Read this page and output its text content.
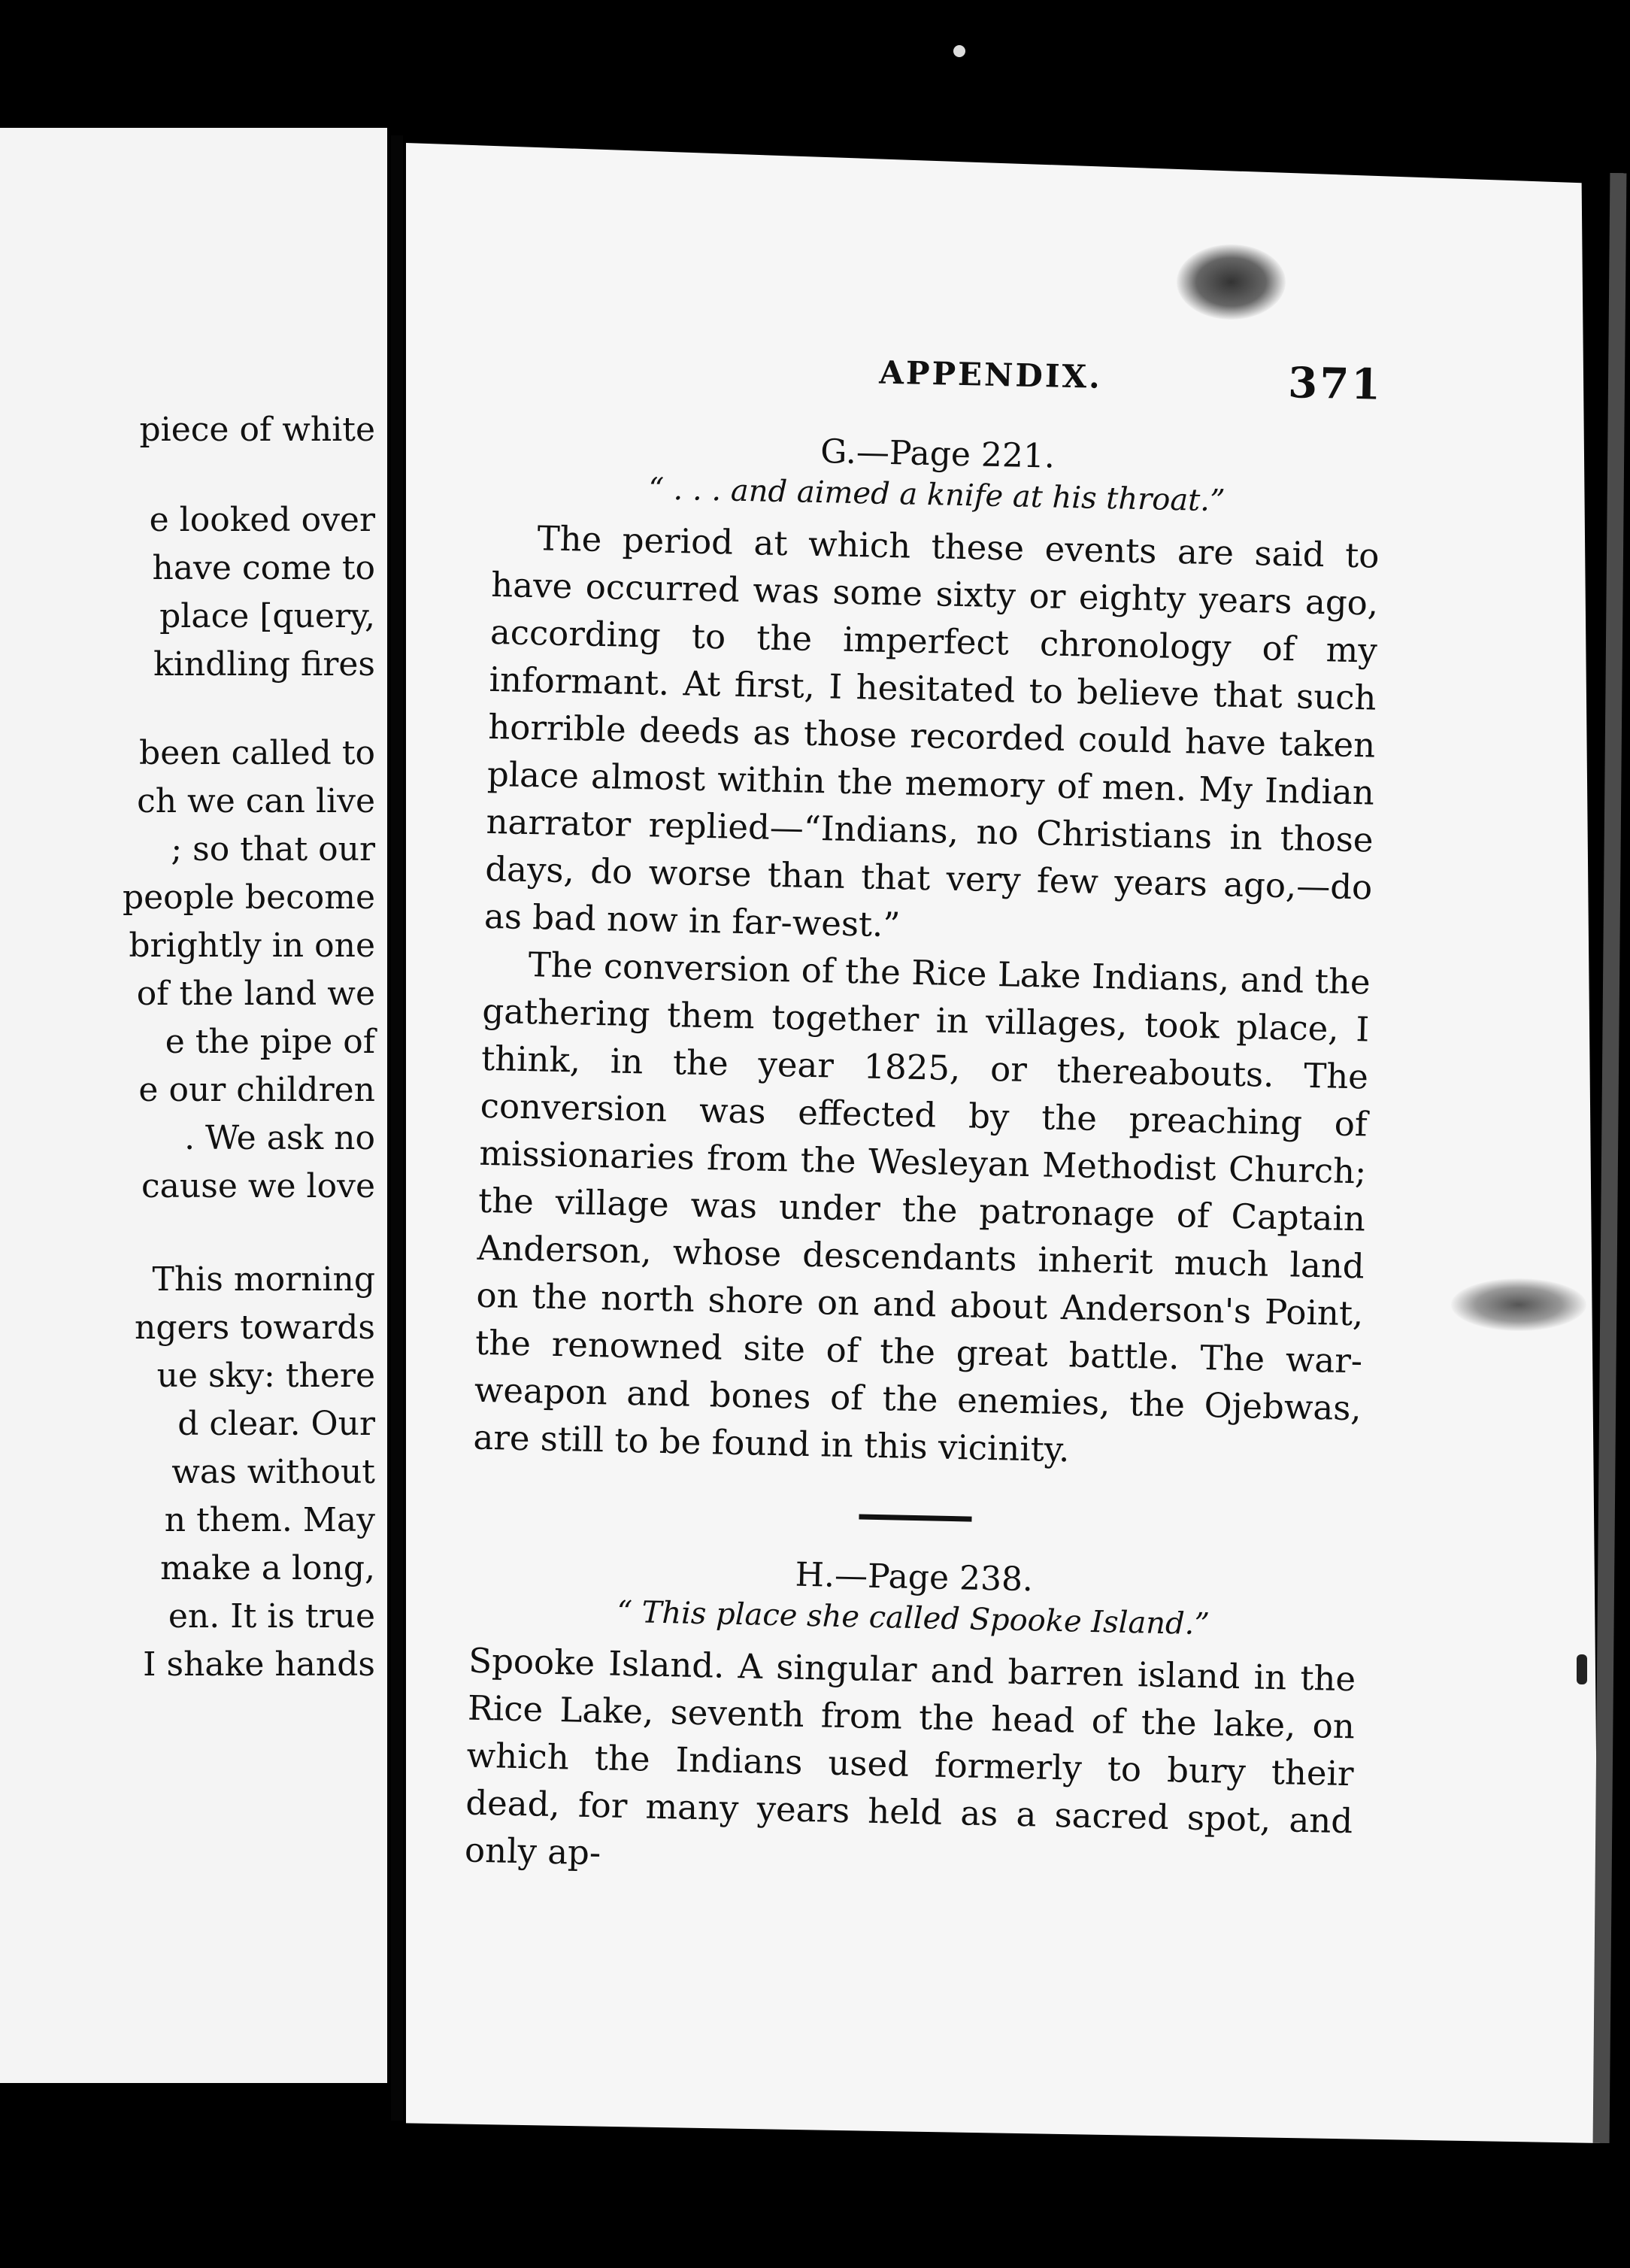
piece of white
e looked over
have come to
place [query,
kindling fires
been called to
ch we can live
; so that our
people become
brightly in one
of the land we
e the pipe of
e our children
. We ask no
cause we love
This morning
ngers towards
ue sky: there
d clear. Our
was without
n them. May
make a long,
en. It is true
I shake hands
APPENDIX.	371
G.—Page 221.
“ . . . and aimed a knife at his throat.”

The period at which these events are said to have occurred was some sixty or eighty years ago, according to the imperfect chronology of my informant. At first, I hesitated to believe that such horrible deeds as those recorded could have taken place almost within the memory of men. My Indian narrator replied—“Indians, no Christians in those days, do worse than that very few years ago,—do as bad now in far-west.”

The conversion of the Rice Lake Indians, and the gathering them together in villages, took place, I think, in the year 1825, or thereabouts. The conversion was effected by the preaching of missionaries from the Wesleyan Methodist Church; the village was under the patronage of Captain Anderson, whose descendants inherit much land on the north shore on and about Anderson's Point, the renowned site of the great battle. The war-weapon and bones of the enemies, the Ojebwas, are still to be found in this vicinity.

H.—Page 238.
“ This place she called Spooke Island.”

Spooke Island. A singular and barren island in the Rice Lake, seventh from the head of the lake, on which the Indians used formerly to bury their dead, for many years held as a sacred spot, and only ap-
